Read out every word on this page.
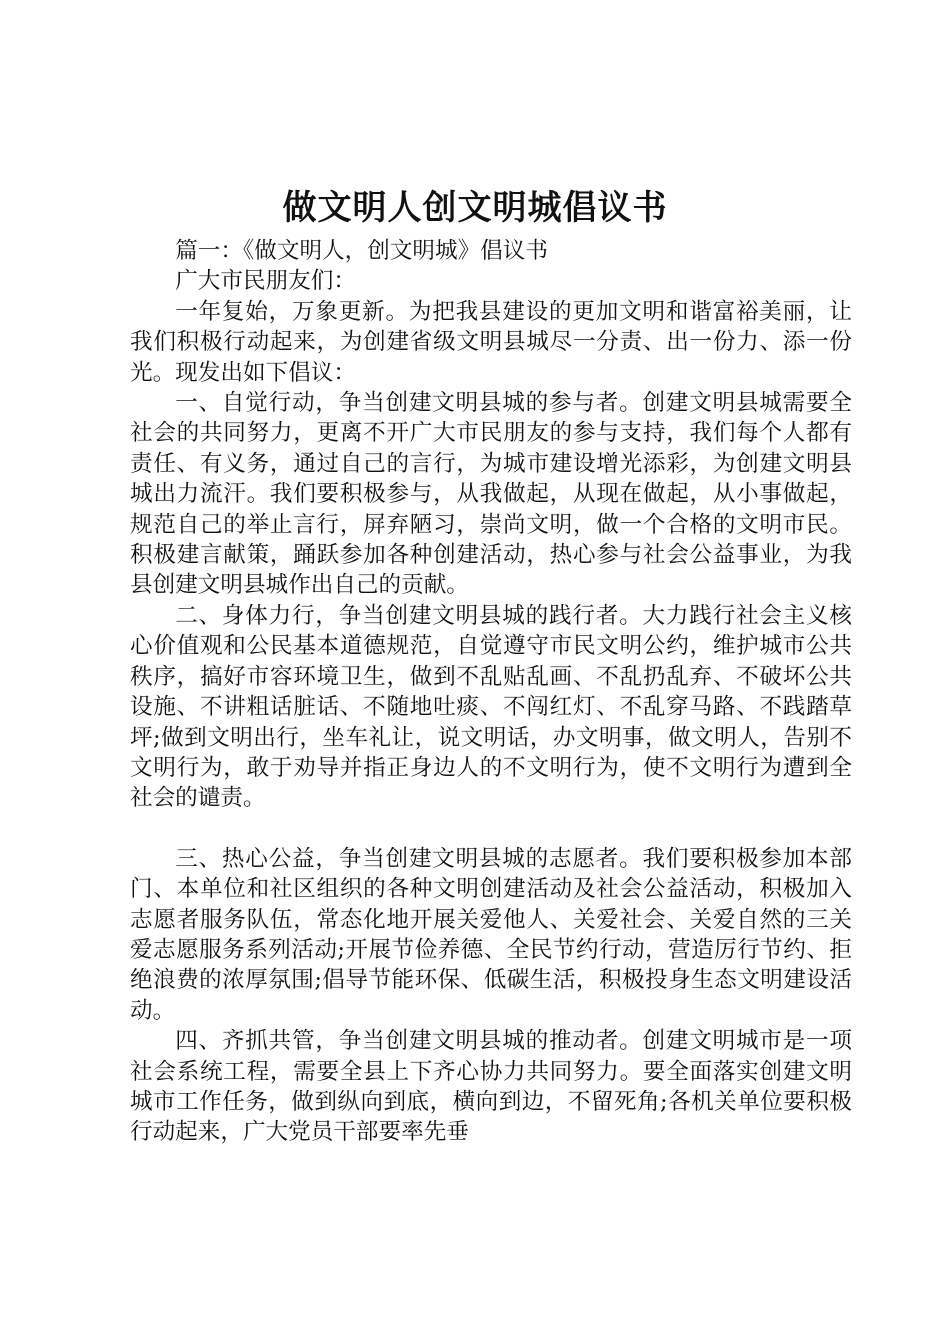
做文明人创文明城倡议书

篇一：《做文明人，创文明城》倡议书

广大市民朋友们：

一年复始，万象更新。为把我县建设的更加文明和谐富裕美丽，让我们积极行动起来，为创建省级文明县城尽一分责、出一份力、添一份光。现发出如下倡议：

一、自觉行动，争当创建文明县城的参与者。创建文明县城需要全社会的共同努力，更离不开广大市民朋友的参与支持，我们每个人都有责任、有义务，通过自己的言行，为城市建设增光添彩，为创建文明县城出力流汗。我们要积极参与，从我做起，从现在做起，从小事做起，规范自己的举止言行，屏弃陋习，崇尚文明，做一个合格的文明市民。积极建言献策，踊跃参加各种创建活动，热心参与社会公益事业，为我县创建文明县城作出自己的贡献。

二、身体力行，争当创建文明县城的践行者。大力践行社会主义核心价值观和公民基本道德规范，自觉遵守市民文明公约，维护城市公共秩序，搞好市容环境卫生，做到不乱贴乱画、不乱扔乱弃、不破坏公共设施、不讲粗话脏话、不随地吐痰、不闯红灯、不乱穿马路、不践踏草坪;做到文明出行，坐车礼让，说文明话，办文明事，做文明人，告别不文明行为，敢于劝导并指正身边人的不文明行为，使不文明行为遭到全社会的谴责。

三、热心公益，争当创建文明县城的志愿者。我们要积极参加本部门、本单位和社区组织的各种文明创建活动及社会公益活动，积极加入志愿者服务队伍，常态化地开展关爱他人、关爱社会、关爱自然的三关爱志愿服务系列活动;开展节俭养德、全民节约行动，营造厉行节约、拒绝浪费的浓厚氛围;倡导节能环保、低碳生活，积极投身生态文明建设活动。

四、齐抓共管，争当创建文明县城的推动者。创建文明城市是一项社会系统工程，需要全县上下齐心协力共同努力。要全面落实创建文明城市工作任务，做到纵向到底，横向到边，不留死角;各机关单位要积极行动起来，广大党员干部要率先垂
